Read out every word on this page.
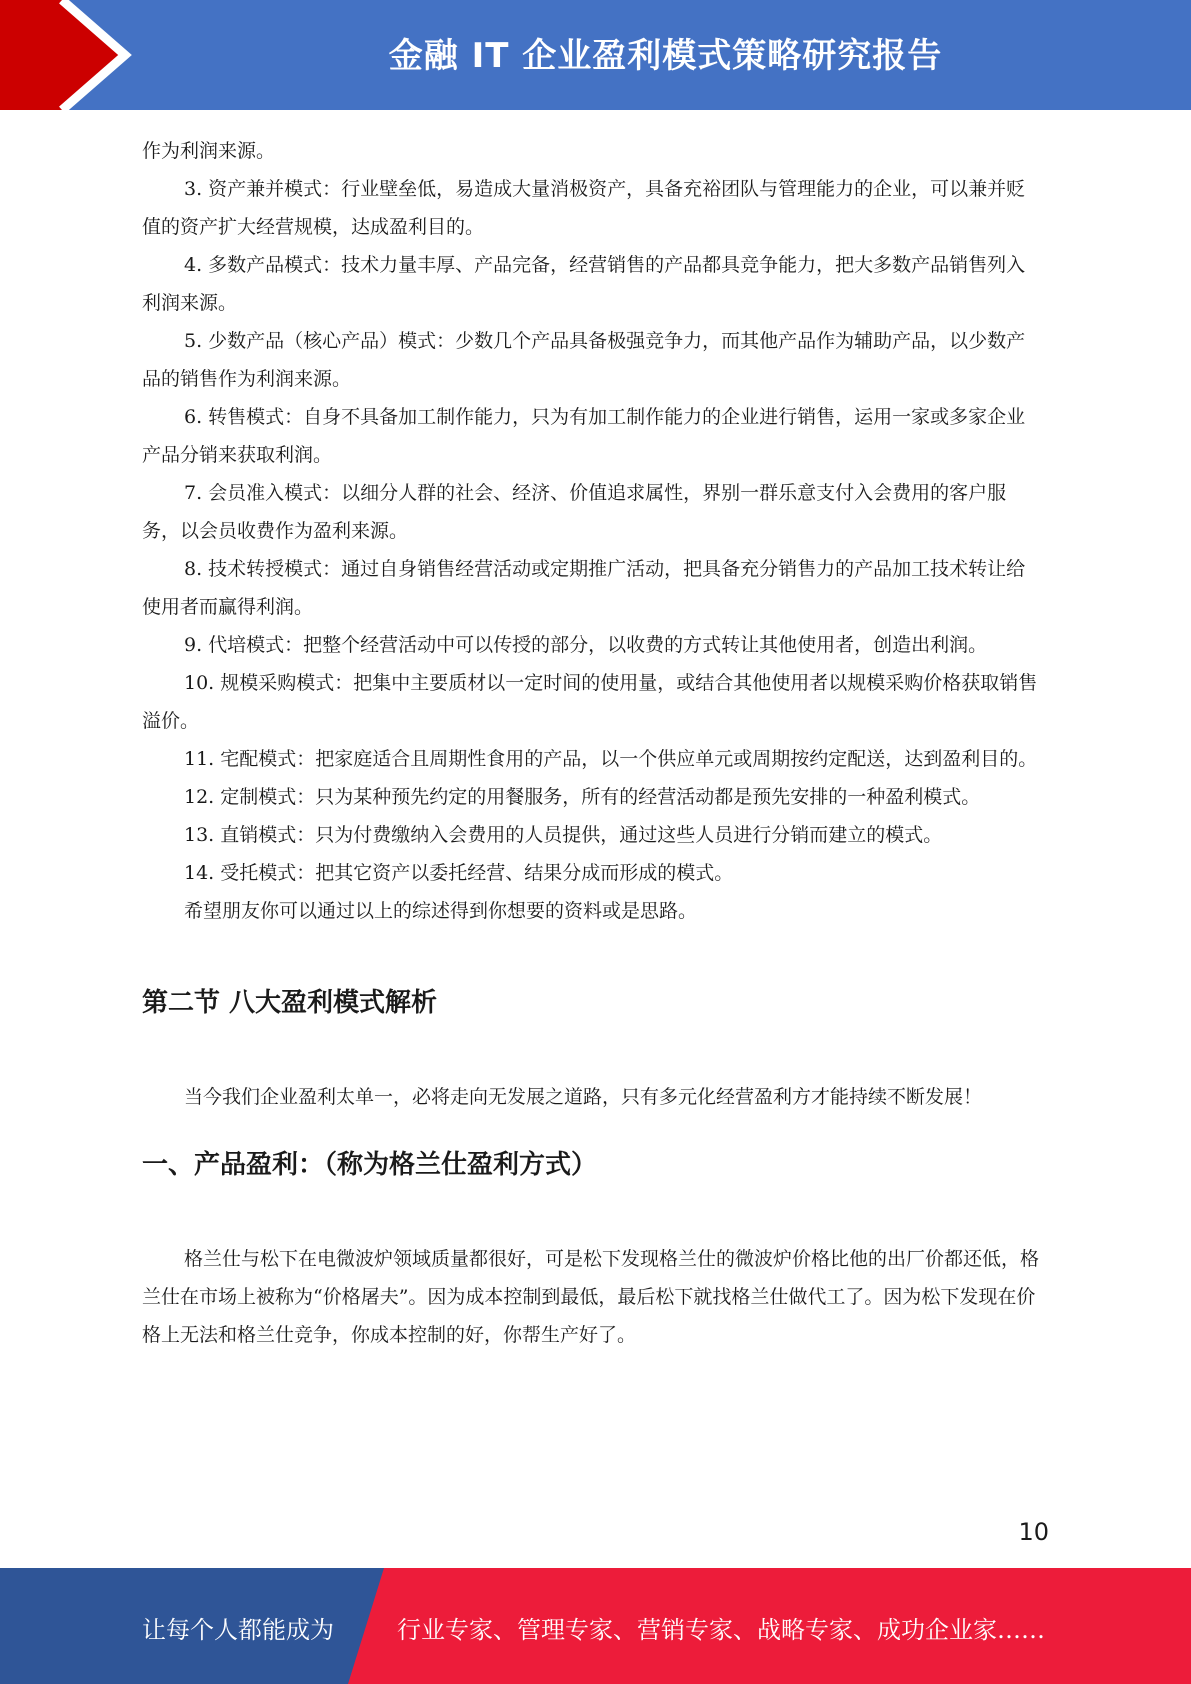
金融 IT 企业盈利模式策略研究报告

作为利润来源。

3. 资产兼并模式：行业壁垒低，易造成大量消极资产，具备充裕团队与管理能力的企业，可以兼并贬值的资产扩大经营规模，达成盈利目的。

4. 多数产品模式：技术力量丰厚、产品完备，经营销售的产品都具竞争能力，把大多数产品销售列入利润来源。

5. 少数产品（核心产品）模式：少数几个产品具备极强竞争力，而其他产品作为辅助产品，以少数产品的销售作为利润来源。

6. 转售模式：自身不具备加工制作能力，只为有加工制作能力的企业进行销售，运用一家或多家企业产品分销来获取利润。

7. 会员准入模式：以细分人群的社会、经济、价值追求属性，界别一群乐意支付入会费用的客户服务，以会员收费作为盈利来源。

8. 技术转授模式：通过自身销售经营活动或定期推广活动，把具备充分销售力的产品加工技术转让给使用者而赢得利润。

9. 代培模式：把整个经营活动中可以传授的部分，以收费的方式转让其他使用者，创造出利润。

10. 规模采购模式：把集中主要质材以一定时间的使用量，或结合其他使用者以规模采购价格获取销售溢价。

11. 宅配模式：把家庭适合且周期性食用的产品，以一个供应单元或周期按约定配送，达到盈利目的。

12. 定制模式：只为某种预先约定的用餐服务，所有的经营活动都是预先安排的一种盈利模式。

13. 直销模式：只为付费缴纳入会费用的人员提供，通过这些人员进行分销而建立的模式。

14. 受托模式：把其它资产以委托经营、结果分成而形成的模式。

希望朋友你可以通过以上的综述得到你想要的资料或是思路。

第二节 八大盈利模式解析

当今我们企业盈利太单一，必将走向无发展之道路，只有多元化经营盈利方才能持续不断发展！

一、产品盈利：（称为格兰仕盈利方式）

格兰仕与松下在电微波炉领域质量都很好，可是松下发现格兰仕的微波炉价格比他的出厂价都还低，格兰仕在市场上被称为“价格屠夫”。因为成本控制到最低，最后松下就找格兰仕做代工了。因为松下发现在价格上无法和格兰仕竞争，你成本控制的好，你帮生产好了。

10
让每个人都能成为	行业专家、管理专家、营销专家、战略专家、成功企业家……
